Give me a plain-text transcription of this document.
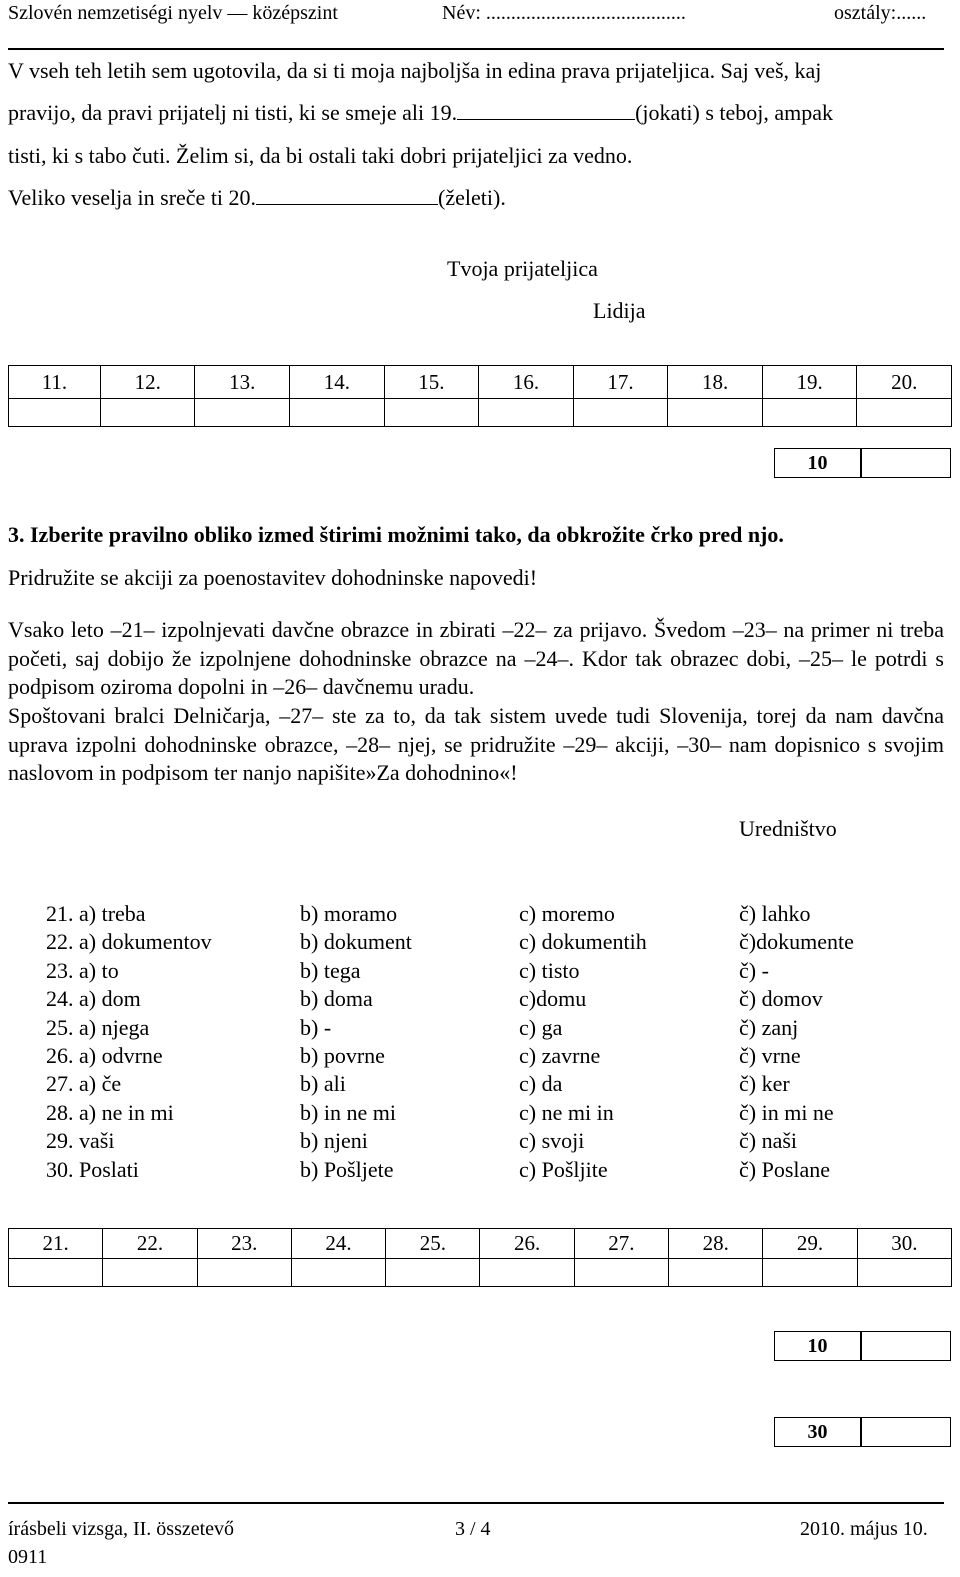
Szlovén nemzetiségi nyelv — középszint	Név: ........................................	osztály:......
V vseh teh letih sem ugotovila, da si ti moja najboljša in edina prava prijateljica. Saj veš, kaj
pravijo, da pravi prijatelj ni tisti, ki se smeje ali 19.	(jokati) s teboj, ampak
tisti, ki s tabo čuti. Želim si, da bi ostali taki dobri prijateljici za vedno.
Veliko veselja in sreče ti 20.	(želeti).
Tvoja prijateljica
Lidija
11.	12.	13.	14.	15.	16.	17.	18.	19.	20.

10
3. Izberite pravilno obliko izmed štirimi možnimi tako, da obkrožite črko pred njo.
Pridružite se akciji za poenostavitev dohodninske napovedi!
Vsako leto –21– izpolnjevati davčne obrazce in zbirati –22– za prijavo. Švedom –23– na primer ni treba početi, saj dobijo že izpolnjene dohodninske obrazce na –24–. Kdor tak obrazec dobi, –25– le potrdi s podpisom oziroma dopolni in –26– davčnemu uradu.
Spoštovani bralci Delničarja, –27– ste za to, da tak sistem uvede tudi Slovenija, torej da nam davčna uprava izpolni dohodninske obrazce, –28– njej, se pridružite –29– akciji, –30– nam dopisnico s svojim naslovom in podpisom ter nanjo napišite»Za dohodnino«!
Uredništvo
21. a) treba	b) moramo	c) moremo	č) lahko
22. a) dokumentov	b) dokument	c) dokumentih	č)dokumente
23. a) to	b) tega	c) tisto	č) -
24. a) dom	b) doma	c)domu	č) domov
25. a) njega	b) -	c) ga	č) zanj
26. a) odvrne	b) povrne	c) zavrne	č) vrne
27. a) če	b) ali	c) da	č) ker
28. a) ne in mi	b) in ne mi	c) ne mi in	č) in mi ne
29. vaši	b) njeni	c) svoji	č) naši
30. Poslati	b) Pošljete	c) Pošljite	č) Poslane
21.	22.	23.	24.	25.	26.	27.	28.	29.	30.

10
30
írásbeli vizsga, II. összetevő	3 / 4	2010. május 10.
0911
